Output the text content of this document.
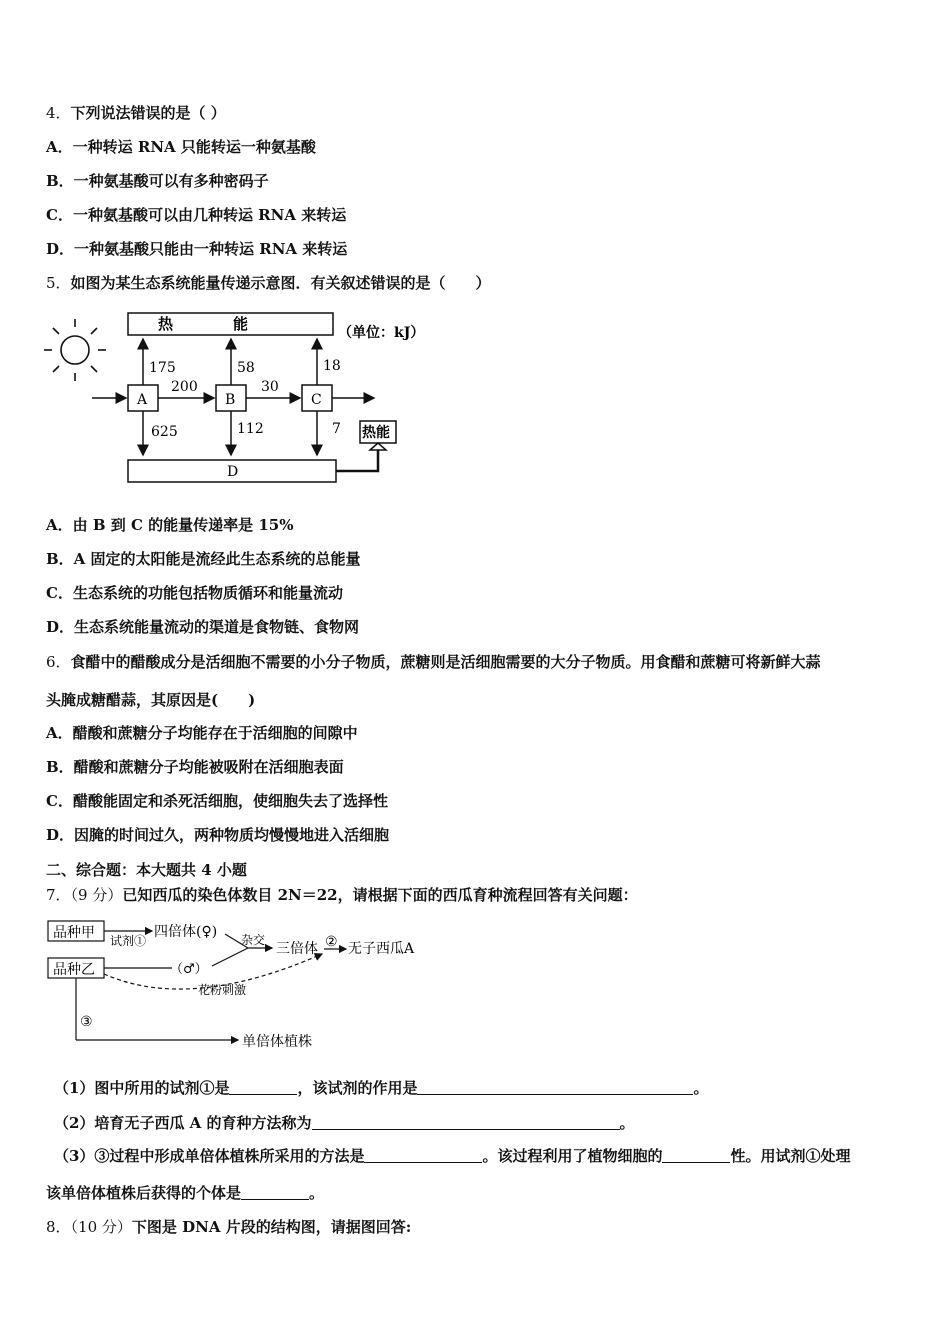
4．下列说法错误的是（ ）
A．一种转运 RNA 只能转运一种氨基酸
B．一种氨基酸可以有多种密码子
C．一种氨基酸可以由几种转运 RNA 来转运
D．一种氨基酸只能由一种转运 RNA 来转运
5．如图为某生态系统能量传递示意图．有关叙述错误的是（　　）
热　　　　能	（单位：kJ）
A	B	C
200	30
175	58	18
625	112	7
D
热能
A．由 B 到 C 的能量传递率是 15%
B．A 固定的太阳能是流经此生态系统的总能量
C．生态系统的功能包括物质循环和能量流动
D．生态系统能量流动的渠道是食物链、食物网
6．食醋中的醋酸成分是活细胞不需要的小分子物质，蔗糖则是活细胞需要的大分子物质。用食醋和蔗糖可将新鲜大蒜
头腌成糖醋蒜，其原因是(　　)
A．醋酸和蔗糖分子均能存在于活细胞的间隙中
B．醋酸和蔗糖分子均能被吸附在活细胞表面
C．醋酸能固定和杀死活细胞，使细胞失去了选择性
D．因腌的时间过久，两种物质均慢慢地进入活细胞
二、综合题：本大题共 4 小题
7．（9 分）已知西瓜的染色体数目 2N＝22，请根据下面的西瓜育种流程回答有关问题：
品种甲
品种乙
试剂①
四倍体(♀)
（♂）
杂交
三倍体 ② 无子西瓜A
花粉刺激
③
单倍体植株
（1）图中所用的试剂①是	，该试剂的作用是	。
（2）培育无子西瓜 A 的育种方法称为	。
（3）③过程中形成单倍体植株所采用的方法是	。该过程利用了植物细胞的	性。用试剂①处理
该单倍体植株后获得的个体是	。
8．（10 分）下图是 DNA 片段的结构图，请据图回答:
